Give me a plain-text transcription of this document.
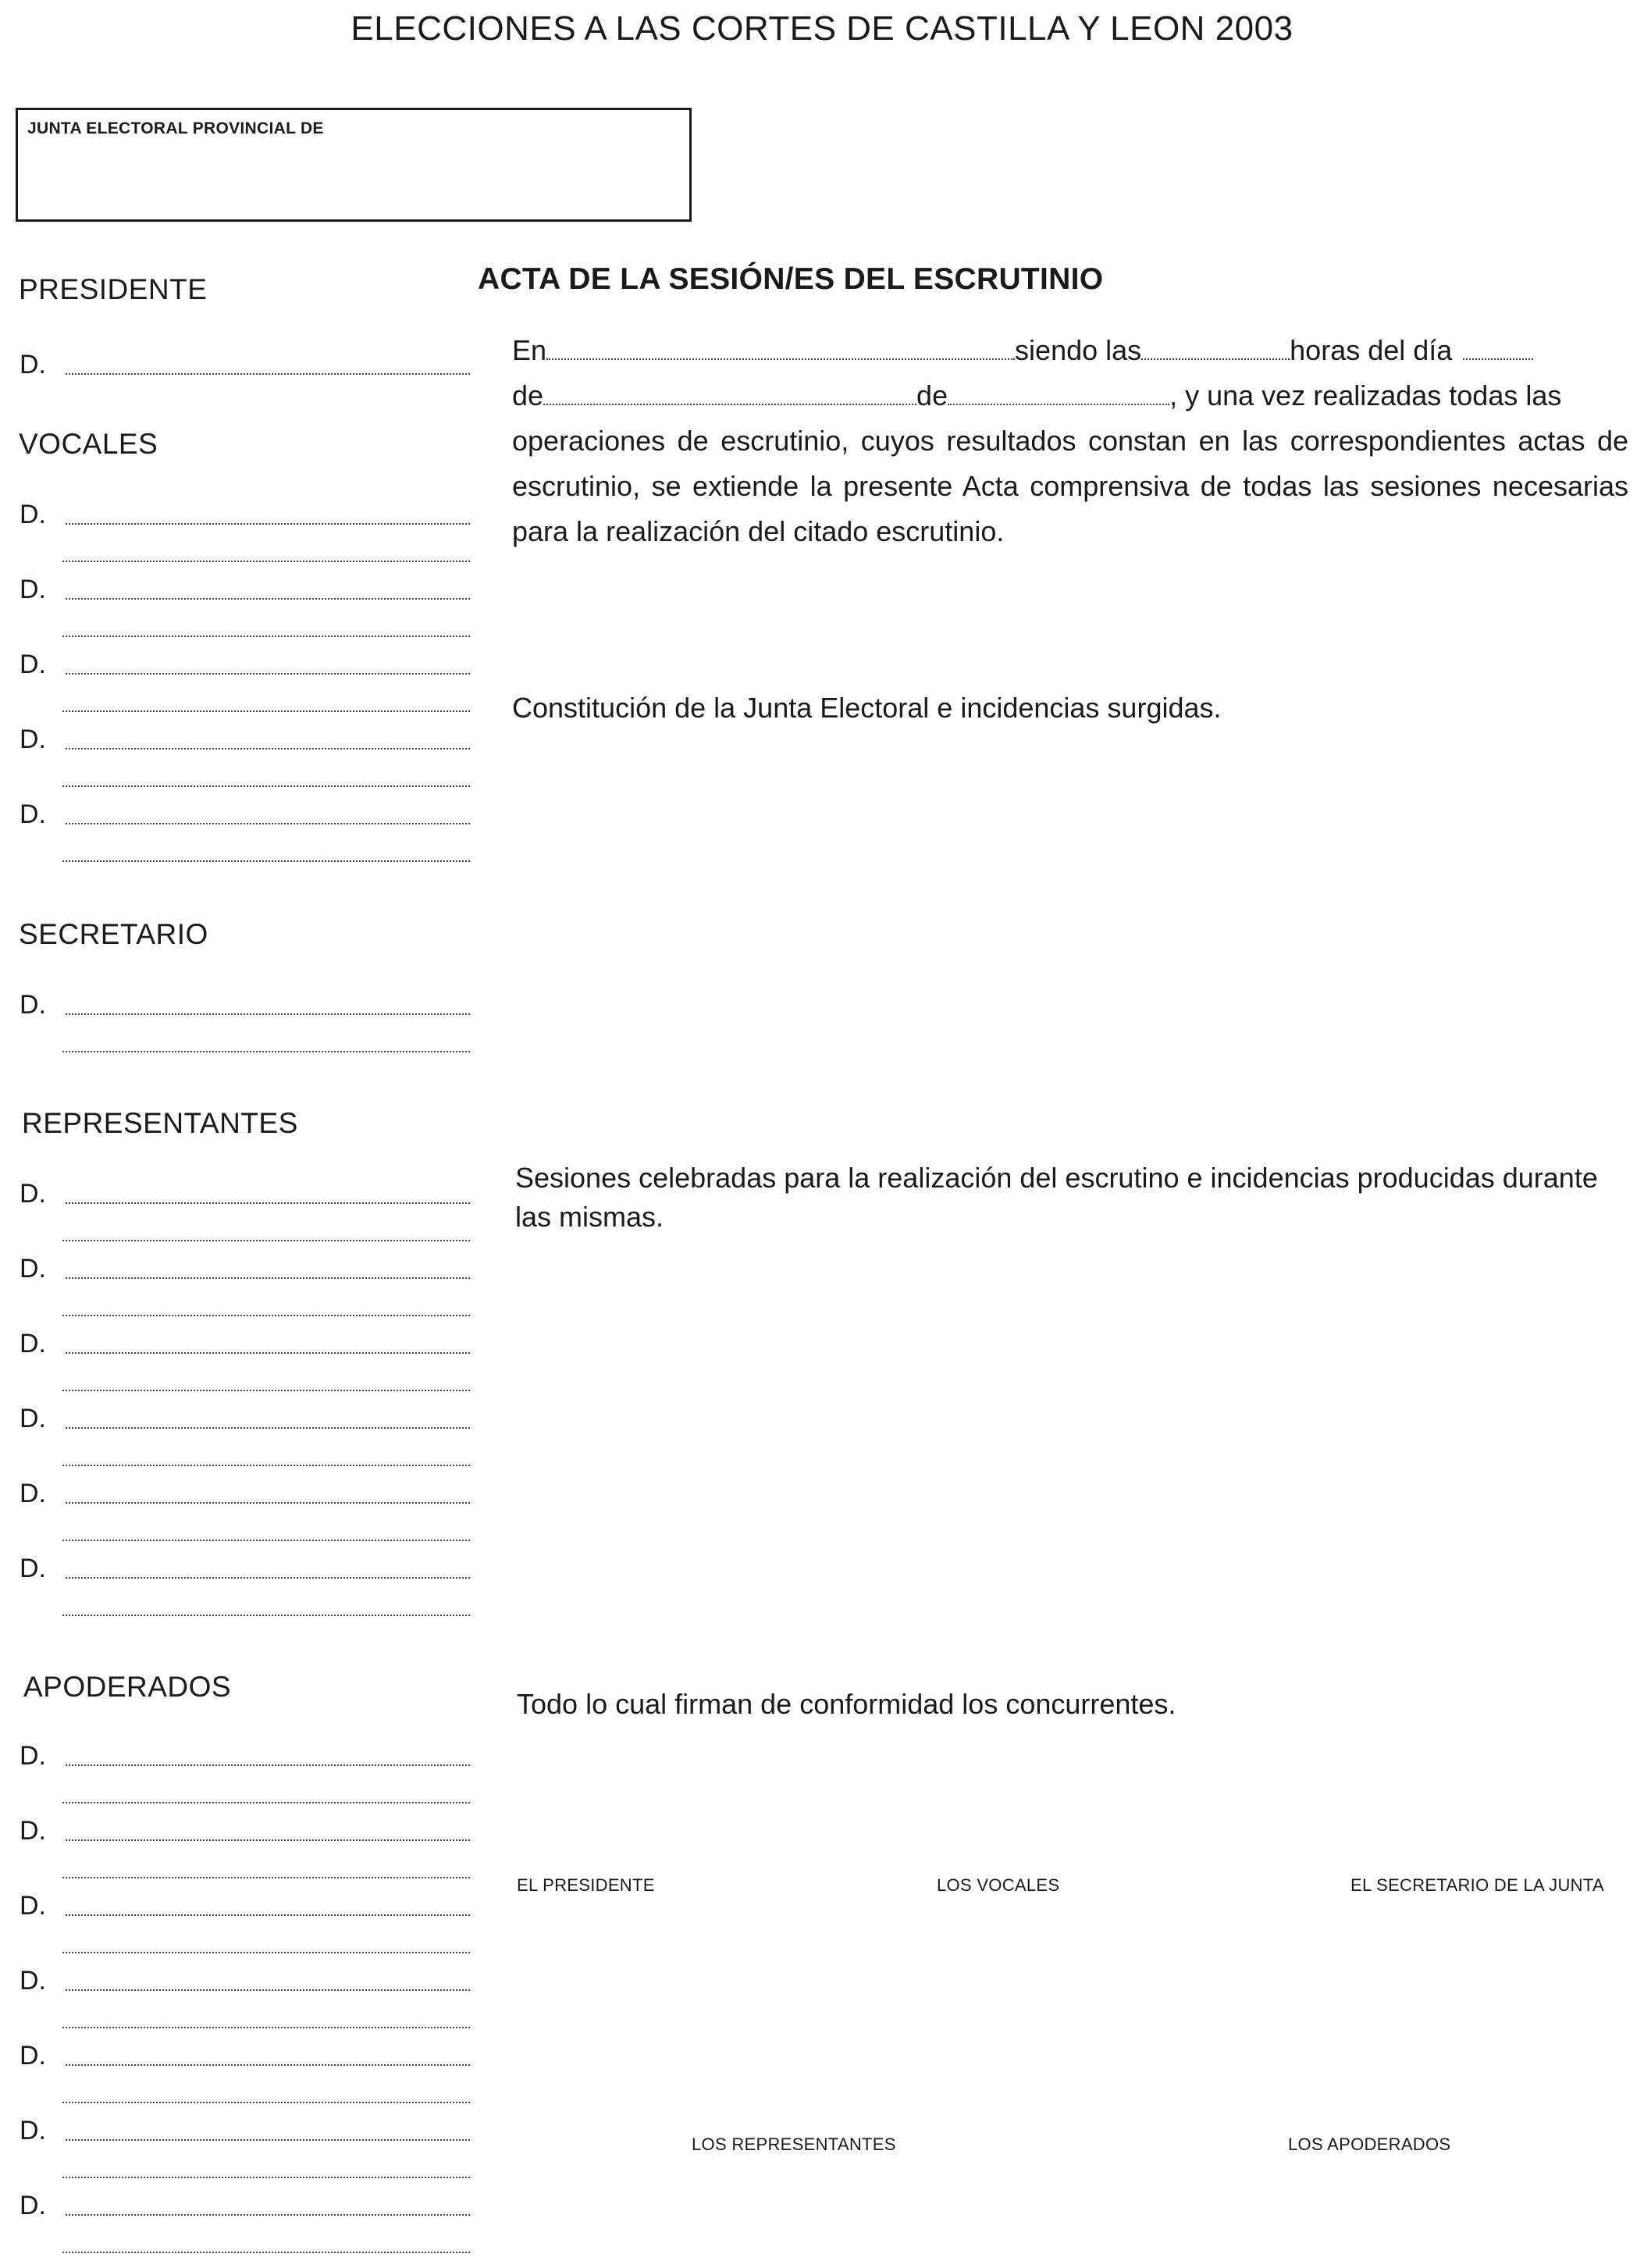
ELECCIONES A LAS CORTES DE CASTILLA Y LEON 2003
JUNTA ELECTORAL PROVINCIAL DE
PRESIDENTE
VOCALES
SECRETARIO
REPRESENTANTES
APODERADOS
D.
D.
D.
D.
D.
D.
D.
D.
D.
D.
D.
D.
D.
D.
D.
D.
D.
D.
D.
D.
ACTA DE LA SESIÓN/ES DEL ESCRUTINIO
En	siendo las	horas del día
de	de	, y una vez realizadas todas las
operaciones de escrutinio, cuyos resultados constan en las correspondientes actas de escrutinio, se extiende la presente Acta comprensiva de todas las sesiones necesarias para la realización del citado escrutinio.
Constitución de la Junta Electoral e incidencias surgidas.
Sesiones celebradas para la realización del escrutino e incidencias producidas durante las mismas.
Todo lo cual firman de conformidad los concurrentes.
EL PRESIDENTE	LOS VOCALES	EL SECRETARIO DE LA JUNTA
LOS REPRESENTANTES	LOS APODERADOS
